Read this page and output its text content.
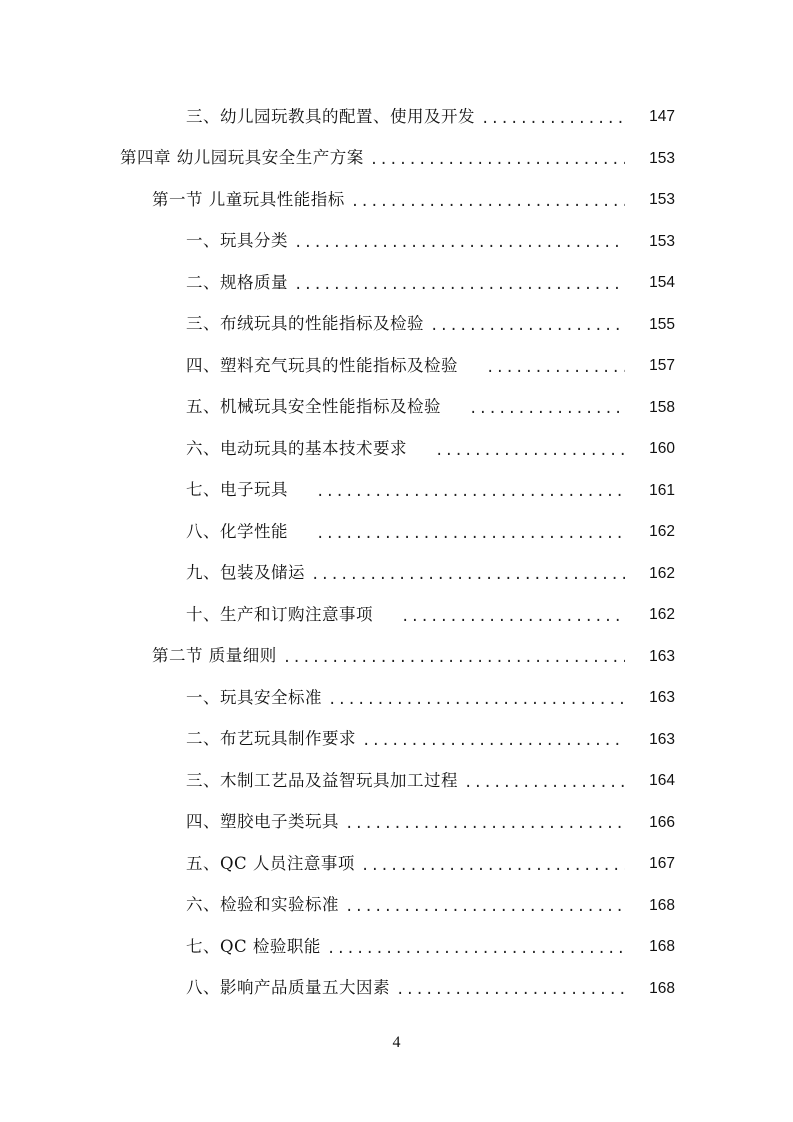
三、幼儿园玩教具的配置、使用及开发 . . .	147
第四章 幼儿园玩具安全生产方案 . . .	153
第一节 儿童玩具性能指标 . . .	153
一、玩具分类 . . .	153
二、规格质量 . . .	154
三、布绒玩具的性能指标及检验 . . .	155
四、塑料充气玩具的性能指标及检验 . . .	157
五、机械玩具安全性能指标及检验 . . .	158
六、电动玩具的基本技术要求 . . .	160
七、电子玩具 . . .	161
八、化学性能 . . .	162
九、包装及储运 . . .	162
十、生产和订购注意事项 . . .	162
第二节 质量细则 . . .	163
一、玩具安全标准 . . .	163
二、布艺玩具制作要求 . . .	163
三、木制工艺品及益智玩具加工过程 . . .	164
四、塑胶电子类玩具 . . .	166
五、QC 人员注意事项 . . .	167
六、检验和实验标准 . . .	168
七、QC 检验职能 . . .	168
八、影响产品质量五大因素 . . .	168
4
